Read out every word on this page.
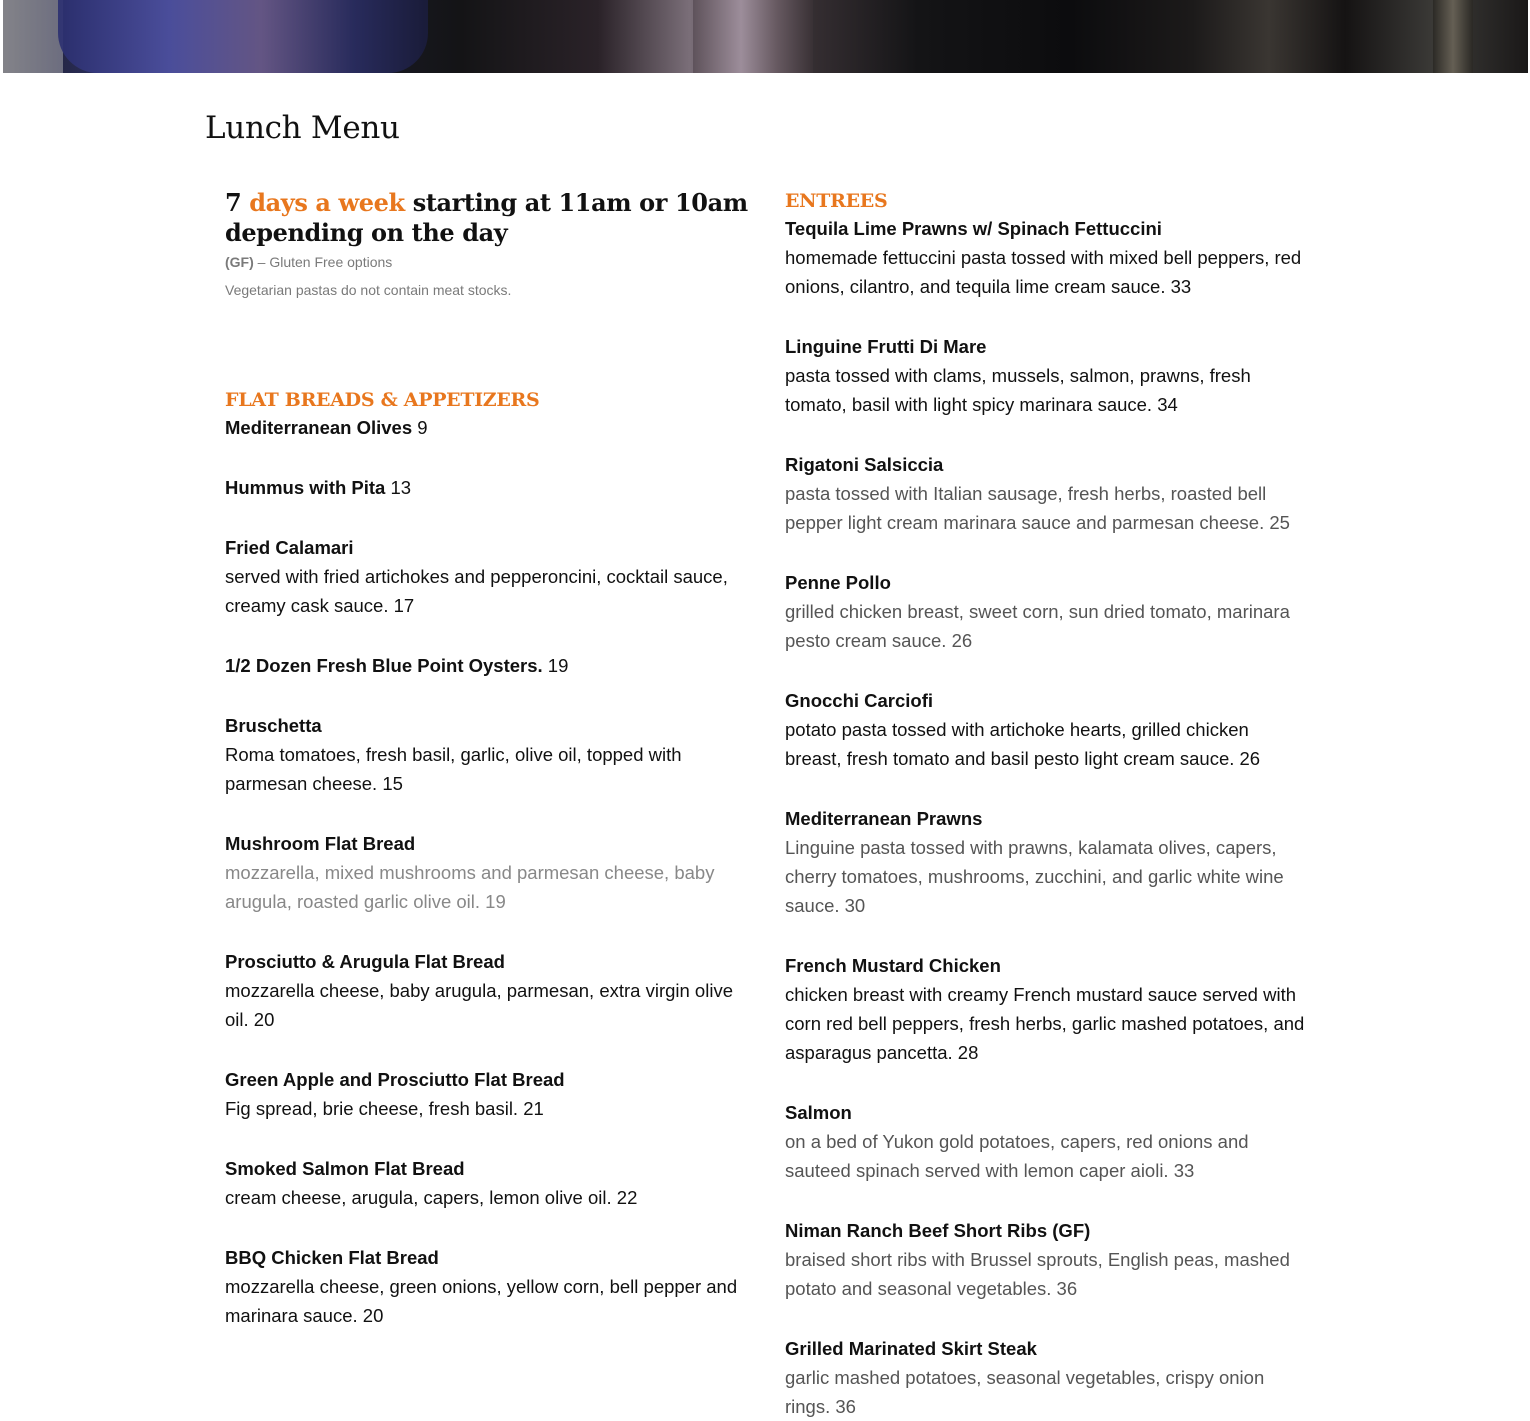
Lunch Menu
7 days a week starting at 11am or 10am depending on the day

(GF) – Gluten Free options

Vegetarian pastas do not contain meat stocks.

FLAT BREADS & APPETIZERS

Mediterranean Olives 9

Hummus with Pita 13

Fried Calamari
served with fried artichokes and pepperoncini, cocktail sauce, creamy cask sauce. 17

1/2 Dozen Fresh Blue Point Oysters. 19

Bruschetta
Roma tomatoes, fresh basil, garlic, olive oil, topped with parmesan cheese. 15

Mushroom Flat Bread
mozzarella, mixed mushrooms and parmesan cheese, baby arugula, roasted garlic olive oil. 19

Prosciutto & Arugula Flat Bread
mozzarella cheese, baby arugula, parmesan, extra virgin olive oil. 20

Green Apple and Prosciutto Flat Bread
Fig spread, brie cheese, fresh basil. 21

Smoked Salmon Flat Bread
cream cheese, arugula, capers, lemon olive oil. 22

BBQ Chicken Flat Bread
mozzarella cheese, green onions, yellow corn, bell pepper and marinara sauce. 20

ENTREES

Tequila Lime Prawns w/ Spinach Fettuccini
homemade fettuccini pasta tossed with mixed bell peppers, red onions, cilantro, and tequila lime cream sauce. 33

Linguine Frutti Di Mare
pasta tossed with clams, mussels, salmon, prawns, fresh tomato, basil with light spicy marinara sauce. 34

Rigatoni Salsiccia
pasta tossed with Italian sausage, fresh herbs, roasted bell pepper light cream marinara sauce and parmesan cheese. 25

Penne Pollo
grilled chicken breast, sweet corn, sun dried tomato, marinara pesto cream sauce. 26

Gnocchi Carciofi
potato pasta tossed with artichoke hearts, grilled chicken breast, fresh tomato and basil pesto light cream sauce. 26

Mediterranean Prawns
Linguine pasta tossed with prawns, kalamata olives, capers, cherry tomatoes, mushrooms, zucchini, and garlic white wine sauce. 30

French Mustard Chicken
chicken breast with creamy French mustard sauce served with corn red bell peppers, fresh herbs, garlic mashed potatoes, and asparagus pancetta. 28

Salmon
on a bed of Yukon gold potatoes, capers, red onions and sauteed spinach served with lemon caper aioli. 33

Niman Ranch Beef Short Ribs (GF)
braised short ribs with Brussel sprouts, English peas, mashed potato and seasonal vegetables. 36

Grilled Marinated Skirt Steak
garlic mashed potatoes, seasonal vegetables, crispy onion rings. 36
